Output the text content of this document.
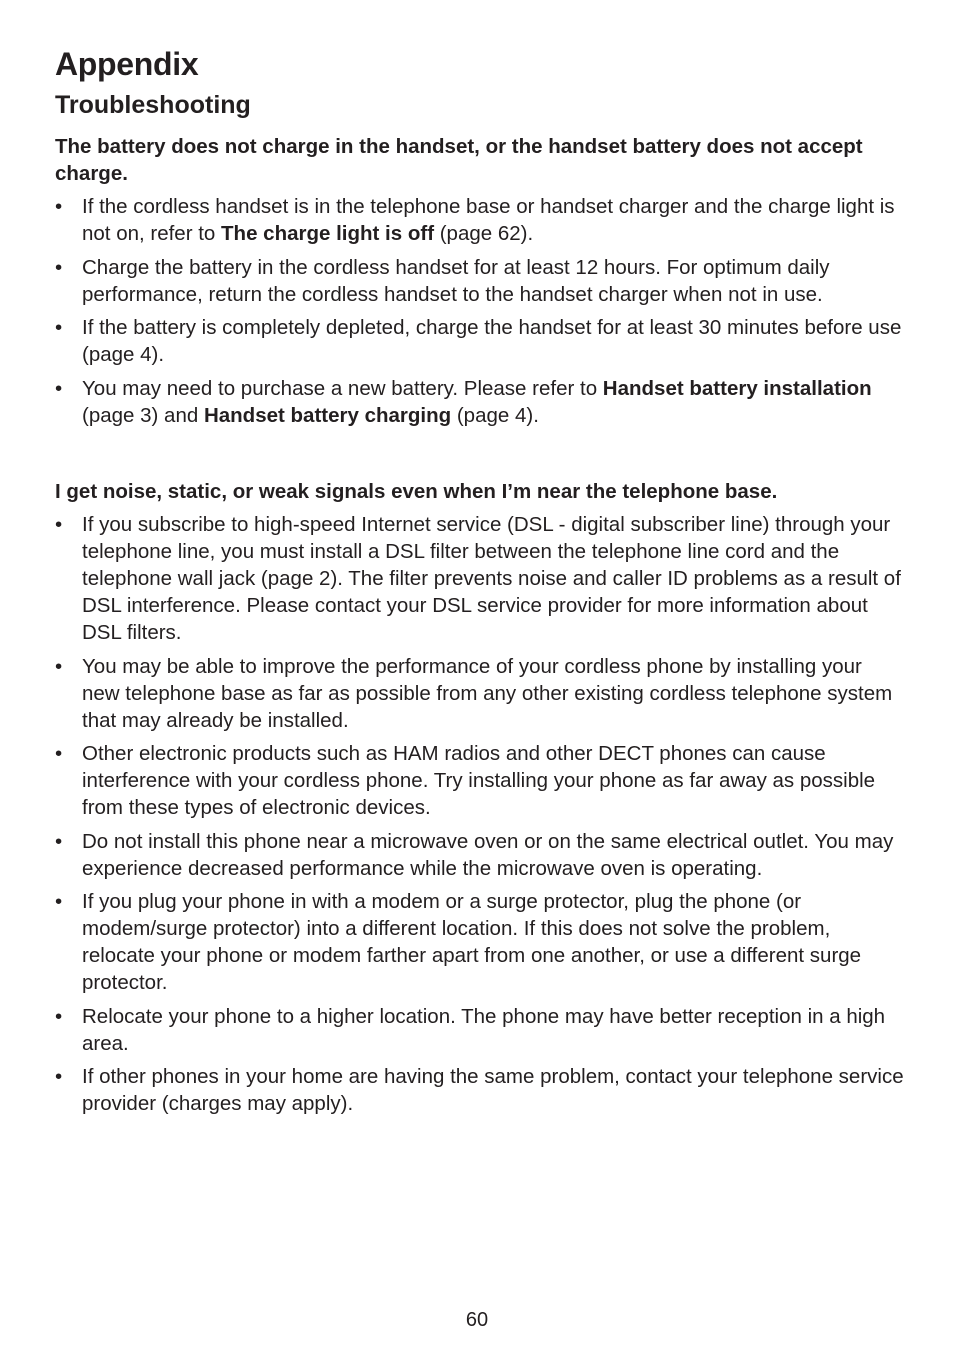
Appendix
Troubleshooting

The battery does not charge in the handset, or the handset battery does not accept charge.

• If the cordless handset is in the telephone base or handset charger and the charge light is not on, refer to The charge light is off (page 62).
• Charge the battery in the cordless handset for at least 12 hours. For optimum daily performance, return the cordless handset to the handset charger when not in use.
• If the battery is completely depleted, charge the handset for at least 30 minutes before use (page 4).
• You may need to purchase a new battery. Please refer to Handset battery installation (page 3) and Handset battery charging (page 4).

I get noise, static, or weak signals even when I’m near the telephone base.

• If you subscribe to high-speed Internet service (DSL - digital subscriber line) through your telephone line, you must install a DSL filter between the telephone line cord and the telephone wall jack (page 2). The filter prevents noise and caller ID problems as a result of DSL interference. Please contact your DSL service provider for more information about DSL filters.
• You may be able to improve the performance of your cordless phone by installing your new telephone base as far as possible from any other existing cordless telephone system that may already be installed.
• Other electronic products such as HAM radios and other DECT phones can cause interference with your cordless phone. Try installing your phone as far away as possible from these types of electronic devices.
• Do not install this phone near a microwave oven or on the same electrical outlet. You may experience decreased performance while the microwave oven is operating.
• If you plug your phone in with a modem or a surge protector, plug the phone (or modem/surge protector) into a different location. If this does not solve the problem, relocate your phone or modem farther apart from one another, or use a different surge protector.
• Relocate your phone to a higher location. The phone may have better reception in a high area.
• If other phones in your home are having the same problem, contact your telephone service provider (charges may apply).
60
